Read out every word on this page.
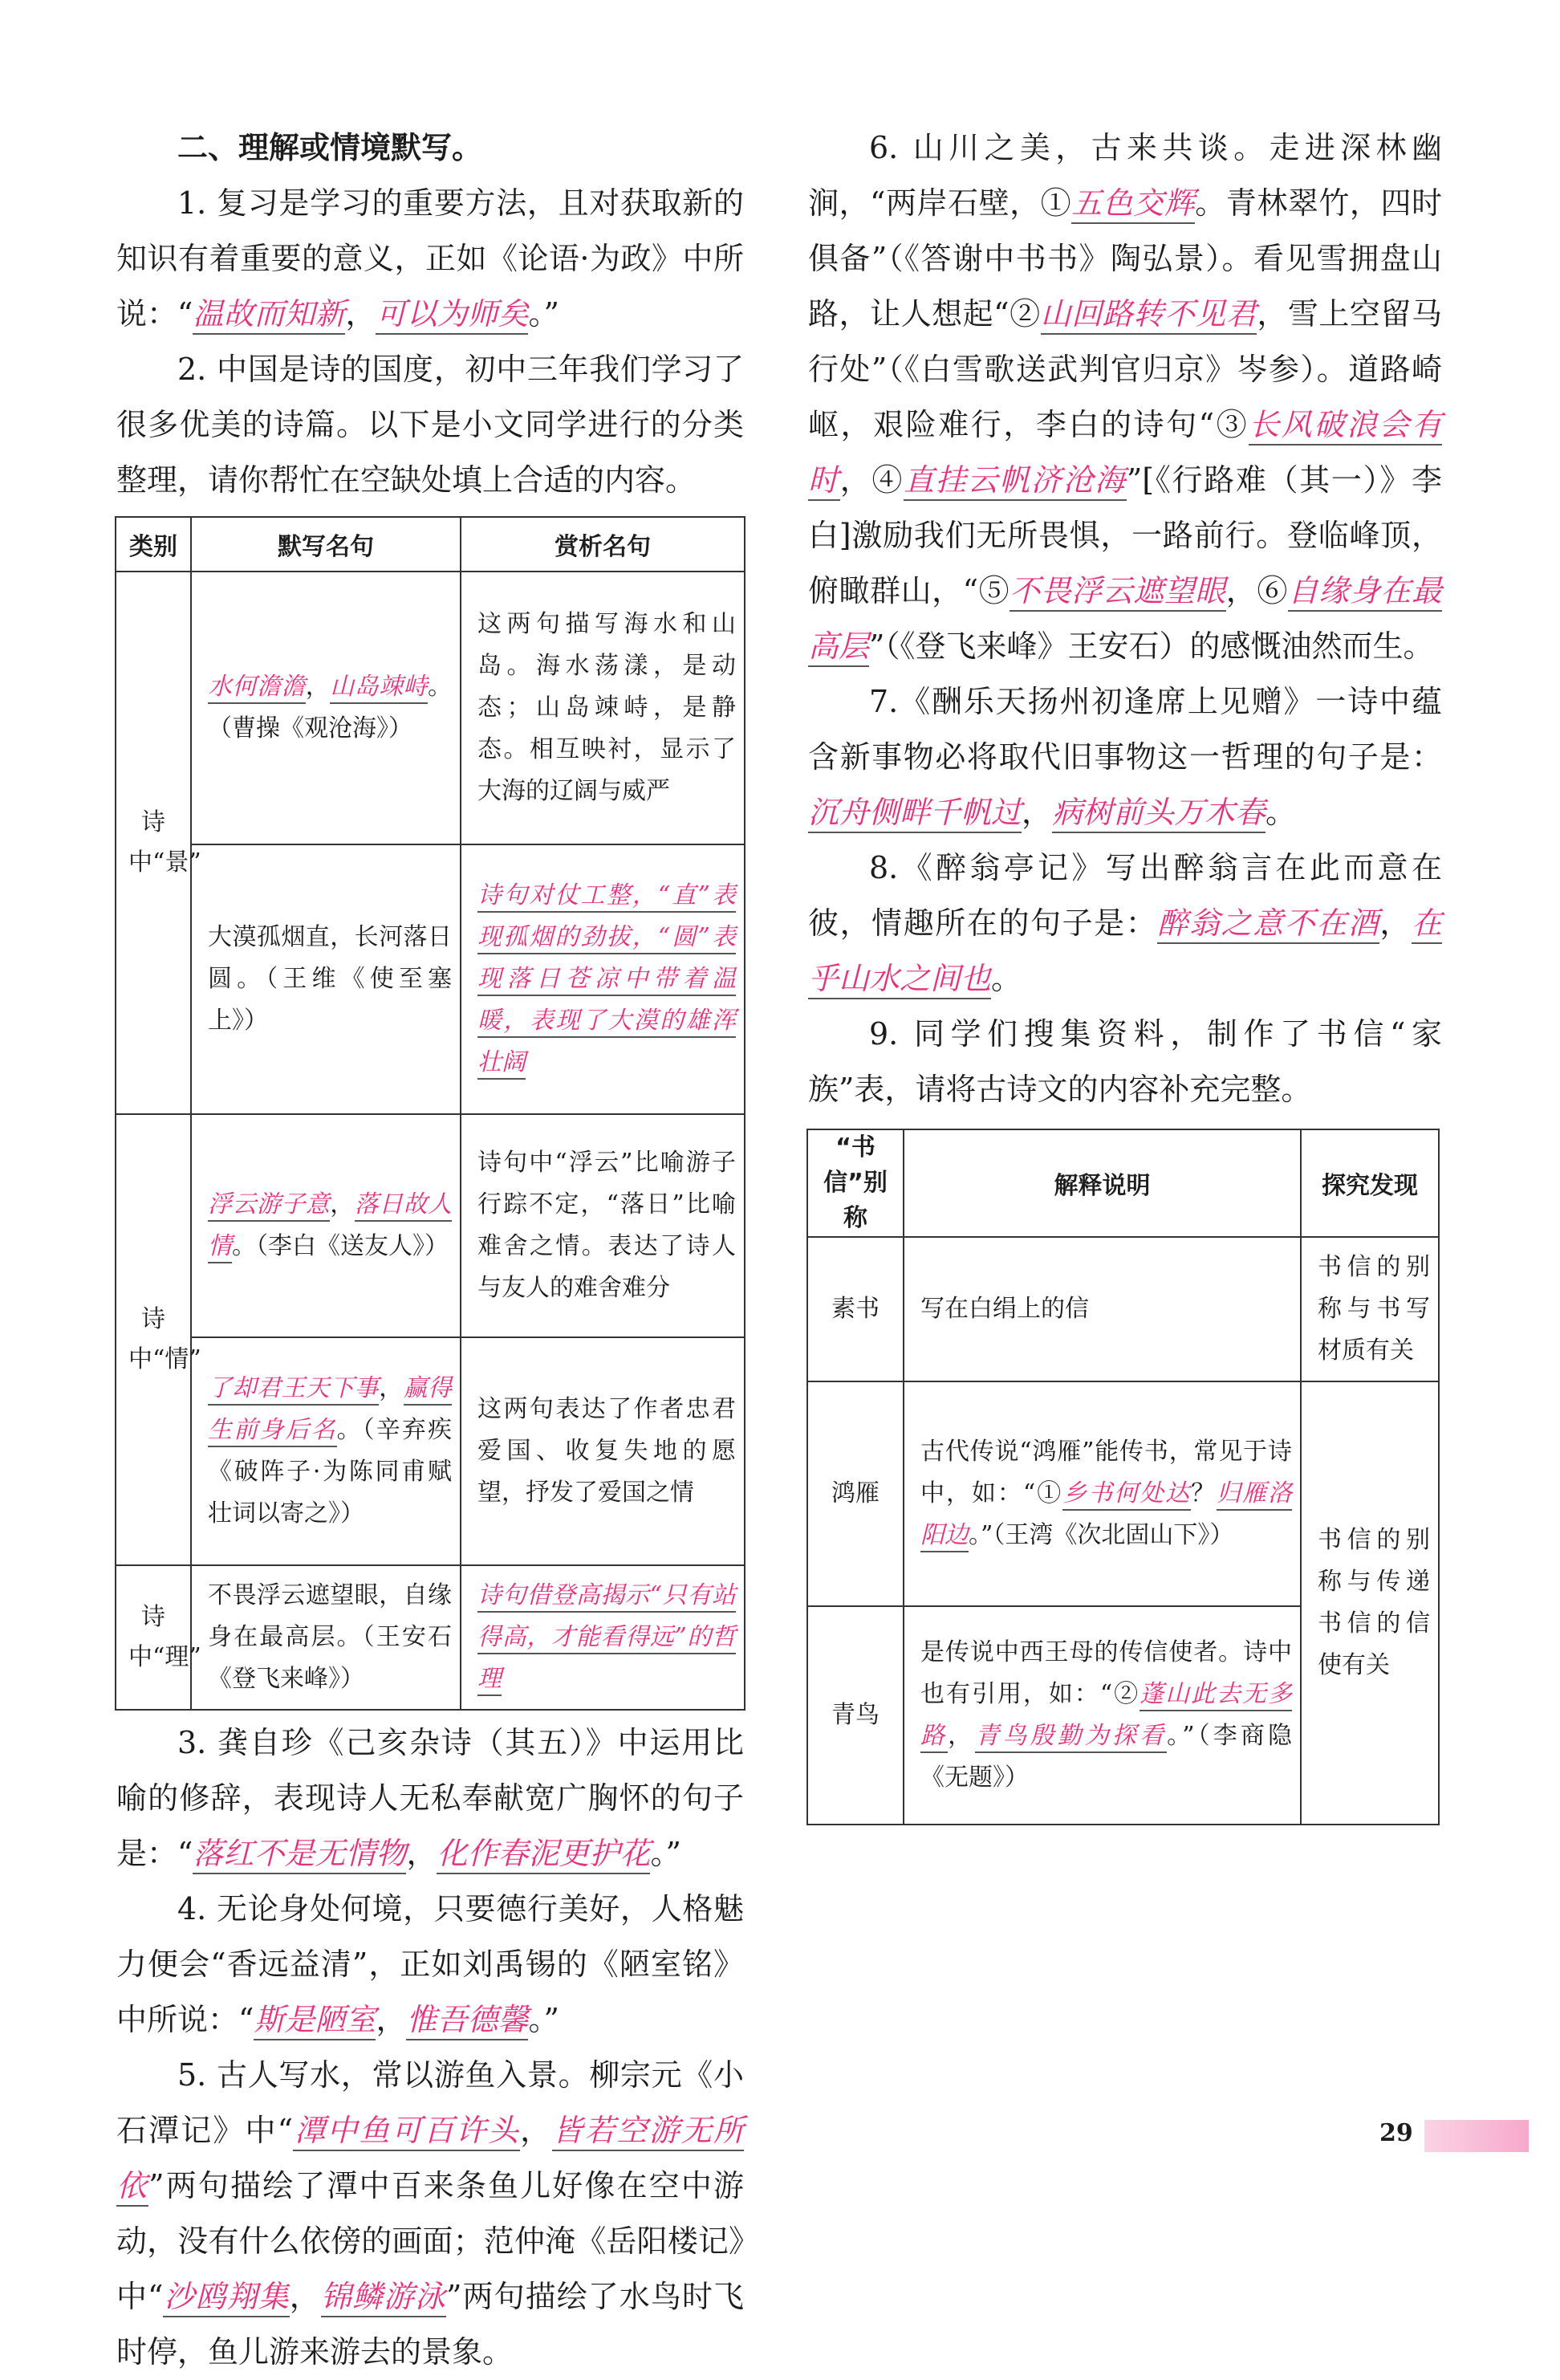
二、理解或情境默写。

1. 复习是学习的重要方法，且对获取新的知识有着重要的意义，正如《论语·为政》中所说：“温故而知新，可以为师矣。”

2. 中国是诗的国度，初中三年我们学习了很多优美的诗篇。以下是小文同学进行的分类整理，请你帮忙在空缺处填上合适的内容。

类别	默写名句	赏析名句

诗中“景”	水何澹澹，山岛竦峙。（曹操《观沧海》）	这两句描写海水和山岛。海水荡漾，是动态；山岛竦峙，是静态。相互映衬，显示了大海的辽阔与威严
	大漠孤烟直，长河落日圆。（王维《使至塞上》）	诗句对仗工整，“直”表现孤烟的劲拔，“圆”表现落日苍凉中带着温暖，表现了大漠的雄浑壮阔

诗中“情”	浮云游子意，落日故人情。（李白《送友人》）	诗句中“浮云”比喻游子行踪不定，“落日”比喻难舍之情。表达了诗人与友人的难舍难分
	了却君王天下事，赢得生前身后名。（辛弃疾《破阵子·为陈同甫赋壮词以寄之》）	这两句表达了作者忠君爱国、收复失地的愿望，抒发了爱国之情

诗中“理”	不畏浮云遮望眼，自缘身在最高层。（王安石《登飞来峰》）	诗句借登高揭示“只有站得高，才能看得远”的哲理

3. 龚自珍《己亥杂诗（其五）》中运用比喻的修辞，表现诗人无私奉献宽广胸怀的句子是：“落红不是无情物，化作春泥更护花。”

4. 无论身处何境，只要德行美好，人格魅力便会“香远益清”，正如刘禹锡的《陋室铭》中所说：“斯是陋室，惟吾德馨。”

5. 古人写水，常以游鱼入景。柳宗元《小石潭记》中“潭中鱼可百许头，皆若空游无所依”两句描绘了潭中百来条鱼儿好像在空中游动，没有什么依傍的画面；范仲淹《岳阳楼记》中“沙鸥翔集，锦鳞游泳”两句描绘了水鸟时飞时停，鱼儿游来游去的景象。

6. 山川之美，古来共谈。走进深林幽涧，“两岸石壁，①五色交辉。青林翠竹，四时俱备”（《答谢中书书》陶弘景）。看见雪拥盘山路，让人想起“②山回路转不见君，雪上空留马行处”（《白雪歌送武判官归京》岑参）。道路崎岖，艰险难行，李白的诗句“③长风破浪会有时，④直挂云帆济沧海”[《行路难（其一）》李白]激励我们无所畏惧，一路前行。登临峰顶，俯瞰群山，“⑤不畏浮云遮望眼，⑥自缘身在最高层”（《登飞来峰》王安石）的感慨油然而生。

7.《酬乐天扬州初逢席上见赠》一诗中蕴含新事物必将取代旧事物这一哲理的句子是：沉舟侧畔千帆过，病树前头万木春。

8.《醉翁亭记》写出醉翁言在此而意在彼，情趣所在的句子是：醉翁之意不在酒，在乎山水之间也。

9. 同学们搜集资料，制作了书信“家族”表，请将古诗文的内容补充完整。

“书信”别称	解释说明	探究发现
素书	写在白绢上的信	书信的别称与书写材质有关
鸿雁	古代传说“鸿雁”能传书，常见于诗中，如：“①乡书何处达？归雁洛阳边。”（王湾《次北固山下》）	书信的别称与传递书信的信使有关
青鸟	是传说中西王母的传信使者。诗中也有引用，如：“②蓬山此去无多路，青鸟殷勤为探看。”（李商隐《无题》）	
29
